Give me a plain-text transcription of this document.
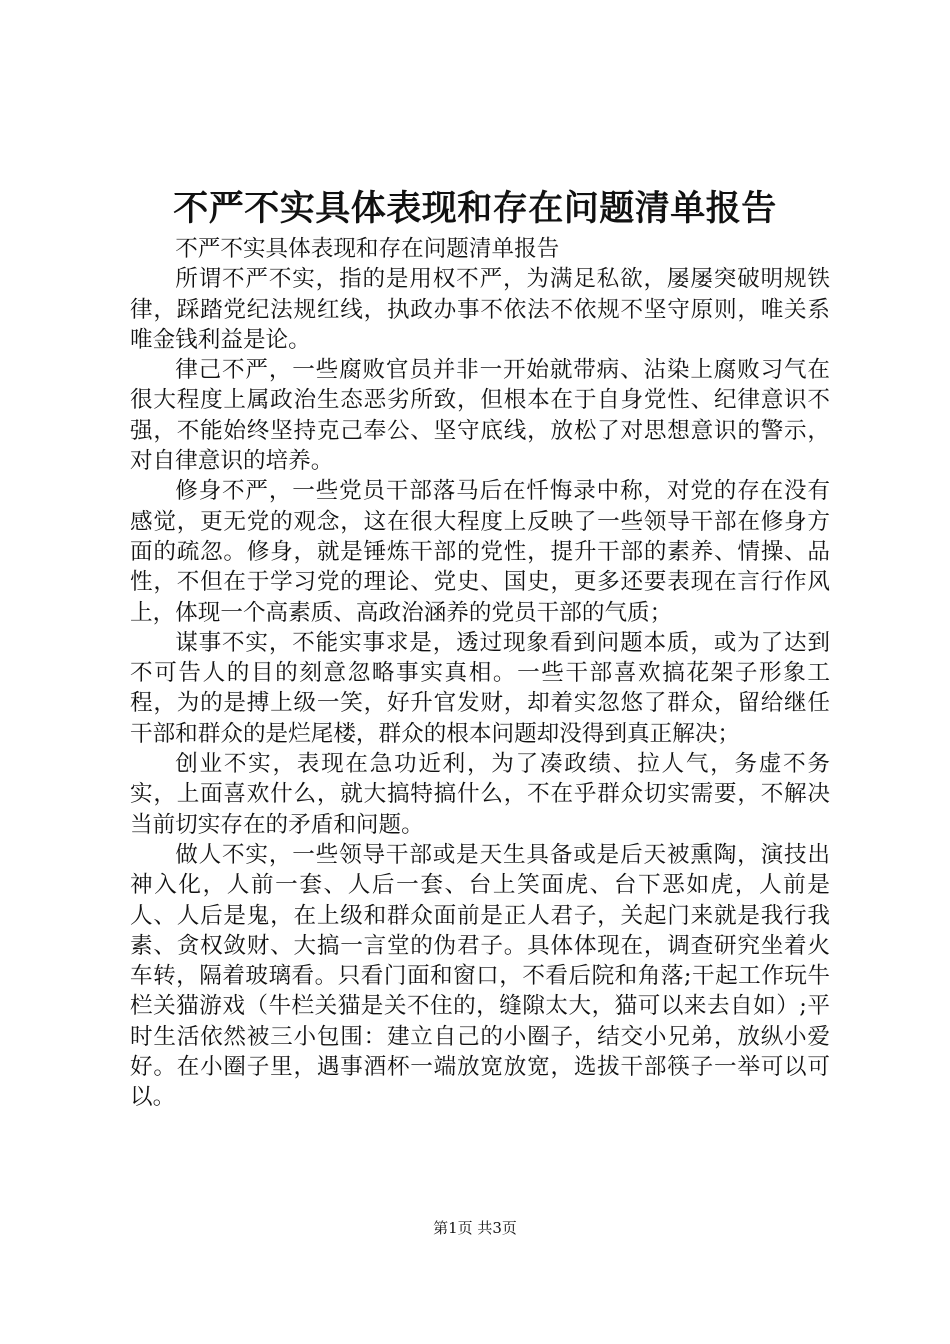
不严不实具体表现和存在问题清单报告

不严不实具体表现和存在问题清单报告

所谓不严不实，指的是用权不严，为满足私欲，屡屡突破明规铁律，踩踏党纪法规红线，执政办事不依法不依规不坚守原则，唯关系唯金钱利益是论。

律己不严，一些腐败官员并非一开始就带病、沾染上腐败习气在很大程度上属政治生态恶劣所致，但根本在于自身党性、纪律意识不强，不能始终坚持克己奉公、坚守底线，放松了对思想意识的警示，对自律意识的培养。

修身不严，一些党员干部落马后在忏悔录中称，对党的存在没有感觉，更无党的观念，这在很大程度上反映了一些领导干部在修身方面的疏忽。修身，就是锤炼干部的党性，提升干部的素养、情操、品性，不但在于学习党的理论、党史、国史，更多还要表现在言行作风上，体现一个高素质、高政治涵养的党员干部的气质；

谋事不实，不能实事求是，透过现象看到问题本质，或为了达到不可告人的目的刻意忽略事实真相。一些干部喜欢搞花架子形象工程，为的是搏上级一笑，好升官发财，却着实忽悠了群众，留给继任干部和群众的是烂尾楼，群众的根本问题却没得到真正解决；

创业不实，表现在急功近利，为了凑政绩、拉人气，务虚不务实，上面喜欢什么，就大搞特搞什么，不在乎群众切实需要，不解决当前切实存在的矛盾和问题。

做人不实，一些领导干部或是天生具备或是后天被熏陶，演技出神入化，人前一套、人后一套、台上笑面虎、台下恶如虎，人前是人、人后是鬼，在上级和群众面前是正人君子，关起门来就是我行我素、贪权敛财、大搞一言堂的伪君子。具体体现在，调查研究坐着火车转，隔着玻璃看。只看门面和窗口，不看后院和角落;干起工作玩牛栏关猫游戏（牛栏关猫是关不住的，缝隙太大，猫可以来去自如）;平时生活依然被三小包围：建立自己的小圈子，结交小兄弟，放纵小爱好。在小圈子里，遇事酒杯一端放宽放宽，选拔干部筷子一举可以可以。

第1页 共3页
